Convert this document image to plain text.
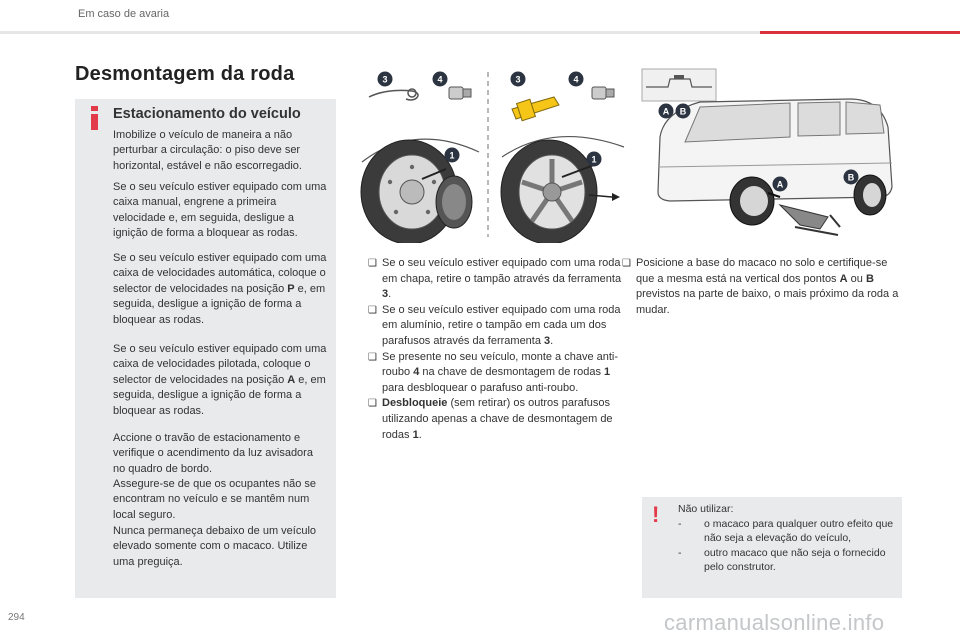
Em caso de avaria
Desmontagem da roda
Estacionamento do veículo
Imobilize o veículo de maneira a não perturbar a circulação: o piso deve ser horizontal, estável e não escorregadio.
Se o seu veículo estiver equipado com uma caixa manual, engrene a primeira velocidade e, em seguida, desligue a ignição de forma a bloquear as rodas.
Se o seu veículo estiver equipado com uma caixa de velocidades automática, coloque o selector de velocidades na posição P e, em seguida, desligue a ignição de forma a bloquear as rodas.
Se o seu veículo estiver equipado com uma caixa de velocidades pilotada, coloque o selector de velocidades na posição A e, em seguida, desligue a ignição de forma a bloquear as rodas.
Accione o travão de estacionamento e verifique o acendimento da luz avisadora no quadro de bordo.
Assegure-se de que os ocupantes não se encontram no veículo e se mantêm num local seguro.
Nunca permaneça debaixo de um veículo elevado somente com o macaco. Utilize uma preguiça.
3	4
1
3	4
1
A B
A
B
❑ Se o seu veículo estiver equipado com uma roda em chapa, retire o tampão através da ferramenta 3.
❑ Se o seu veículo estiver equipado com uma roda em alumínio, retire o tampão em cada um dos parafusos através da ferramenta 3.
❑ Se presente no seu veículo, monte a chave anti-roubo 4 na chave de desmontagem de rodas 1 para desbloquear o parafuso anti-roubo.
❑ Desbloqueie (sem retirar) os outros parafusos utilizando apenas a chave de desmontagem de rodas 1.
❑ Posicione a base do macaco no solo e certifique-se que a mesma está na vertical dos pontos A ou B previstos na parte de baixo, o mais próximo da roda a mudar.
! Não utilizar:
- o macaco para qualquer outro efeito que não seja a elevação do veículo,
- outro macaco que não seja o fornecido pelo construtor.
294	carmanualsonline.info
